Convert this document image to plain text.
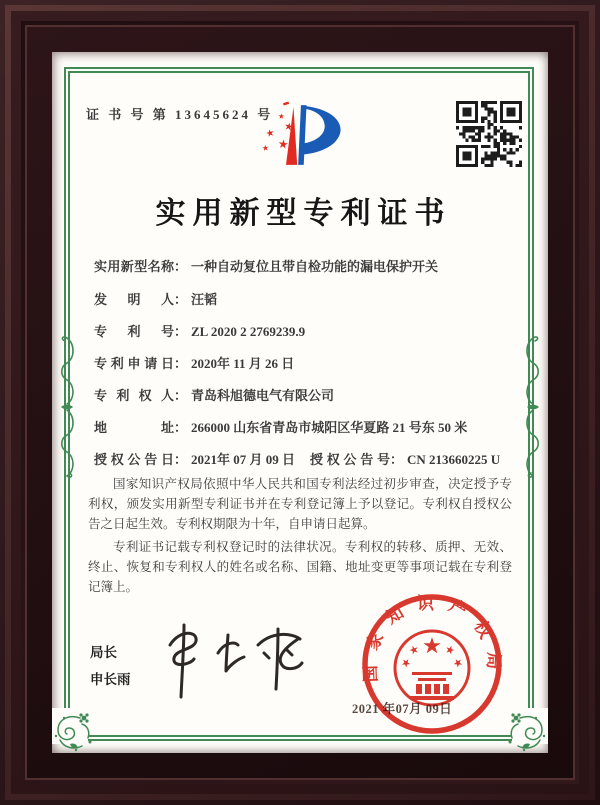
证 书 号 第 13645624 号
实用新型专利证书
实用新型名称： 一种自动复位且带自检功能的漏电保护开关
发明人： 汪韬
专利号： ZL 2020 2 2769239.9
专利申请日： 2020年 11 月 26 日
专利权人： 青岛科旭德电气有限公司
地址： 266000 山东省青岛市城阳区华夏路 21 号东 50 米
授权公告日： 2021年 07 月 09 日 授权公告号： CN 213660225 U

国家知识产权局依照中华人民共和国专利法经过初步审查，决定授予专利权，颁发实用新型专利证书并在专利登记簿上予以登记。专利权自授权公告之日起生效。专利权期限为十年，自申请日起算。

专利证书记载专利权登记时的法律状况。专利权的转移、质押、无效、终止、恢复和专利权人的姓名或名称、国籍、地址变更等事项记载在专利登记簿上。

局长
申长雨
2021 年07月 09日
国家知识产权局
